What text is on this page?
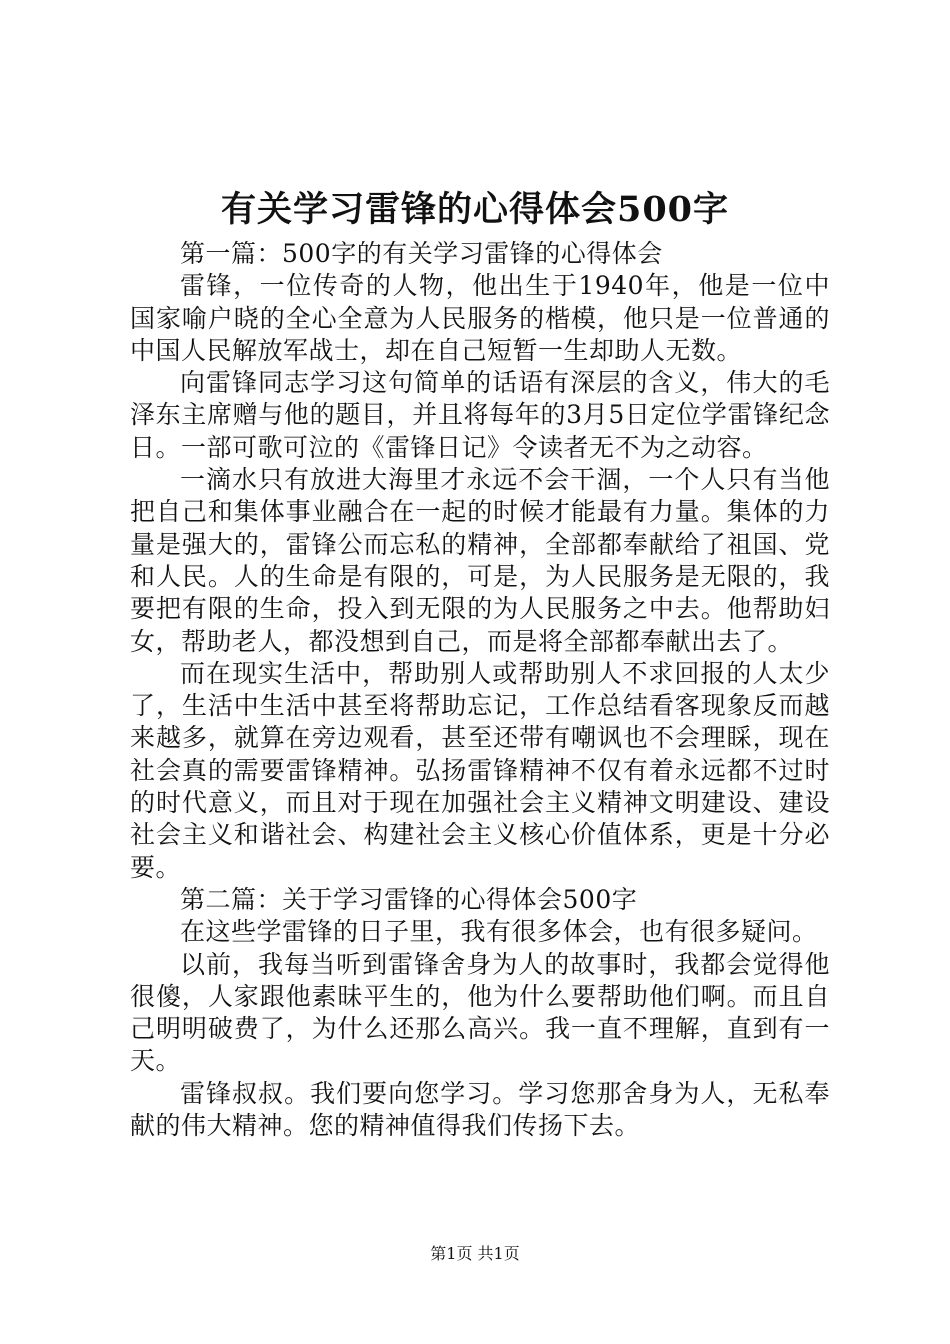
有关学习雷锋的心得体会500字

第一篇：500字的有关学习雷锋的心得体会

雷锋，一位传奇的人物，他出生于1940年，他是一位中国家喻户晓的全心全意为人民服务的楷模，他只是一位普通的中国人民解放军战士，却在自己短暂一生却助人无数。

向雷锋同志学习这句简单的话语有深层的含义，伟大的毛泽东主席赠与他的题目，并且将每年的3月5日定位学雷锋纪念日。一部可歌可泣的《雷锋日记》令读者无不为之动容。

一滴水只有放进大海里才永远不会干涸，一个人只有当他把自己和集体事业融合在一起的时候才能最有力量。集体的力量是强大的，雷锋公而忘私的精神，全部都奉献给了祖国、党和人民。人的生命是有限的，可是，为人民服务是无限的，我要把有限的生命，投入到无限的为人民服务之中去。他帮助妇女，帮助老人，都没想到自己，而是将全部都奉献出去了。

而在现实生活中，帮助别人或帮助别人不求回报的人太少了，生活中生活中甚至将帮助忘记，工作总结看客现象反而越来越多，就算在旁边观看，甚至还带有嘲讽也不会理睬，现在社会真的需要雷锋精神。弘扬雷锋精神不仅有着永远都不过时的时代意义，而且对于现在加强社会主义精神文明建设、建设社会主义和谐社会、构建社会主义核心价值体系，更是十分必要。

第二篇：关于学习雷锋的心得体会500字

在这些学雷锋的日子里，我有很多体会，也有很多疑问。

以前，我每当听到雷锋舍身为人的故事时，我都会觉得他很傻，人家跟他素昧平生的，他为什么要帮助他们啊。而且自己明明破费了，为什么还那么高兴。我一直不理解，直到有一天。

雷锋叔叔。我们要向您学习。学习您那舍身为人，无私奉献的伟大精神。您的精神值得我们传扬下去。

第1页 共1页
